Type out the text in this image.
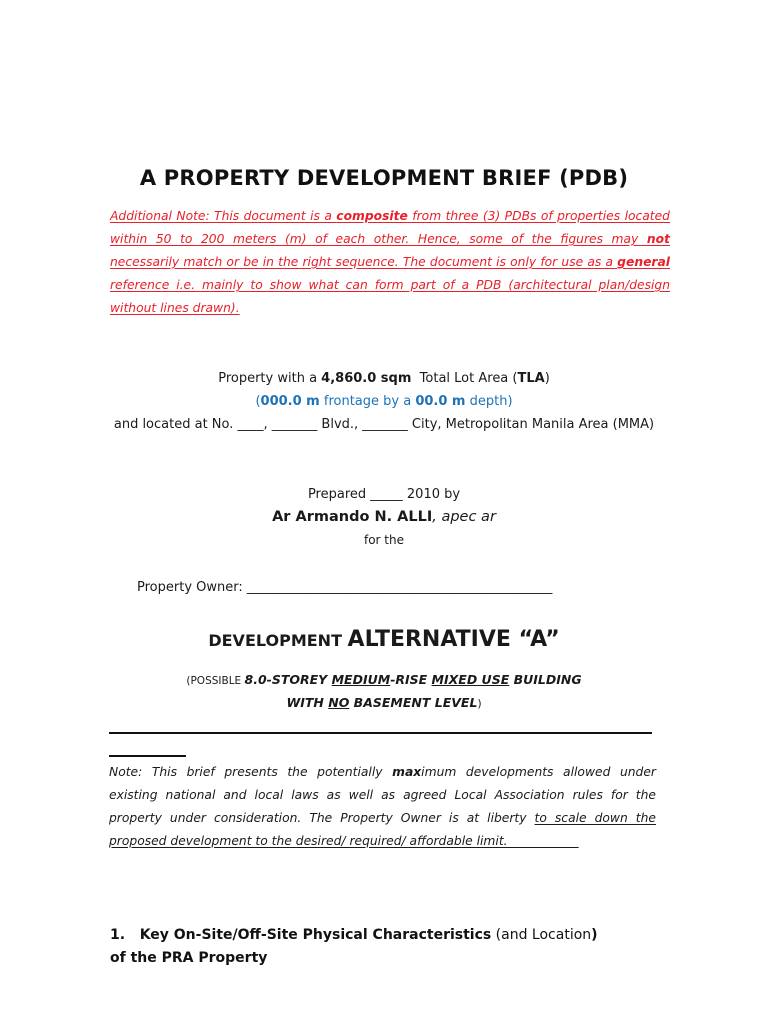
A PROPERTY DEVELOPMENT BRIEF (PDB)
Additional Note: This document is a composite from three (3) PDBs of properties located within 50 to 200 meters (m) of each other. Hence, some of the figures may not necessarily match or be in the right sequence. The document is only for use as a general reference i.e. mainly to show what can form part of a PDB (architectural plan/design without lines drawn).
Property with a 4,860.0 sqm  Total Lot Area (TLA)
(000.0 m frontage by a 00.0 m depth)
and located at No. ____, _______ Blvd., _______ City, Metropolitan Manila Area (MMA)
Prepared _____ 2010 by
Ar Armando N. ALLI, apec ar
for the
Property Owner: _______________________________________________
DEVELOPMENT ALTERNATIVE “A”
(POSSIBLE 8.0-STOREY MEDIUM-RISE MIXED USE BUILDING
WITH NO BASEMENT LEVEL)
Note: This brief presents the potentially maximum developments allowed under existing national and local laws as well as agreed Local Association rules for the property under consideration. The Property Owner is at liberty to scale down the proposed development to the desired/ required/ affordable limit.               __
1. Key On-Site/Off-Site Physical Characteristics (and Location)
of the PRA Property
